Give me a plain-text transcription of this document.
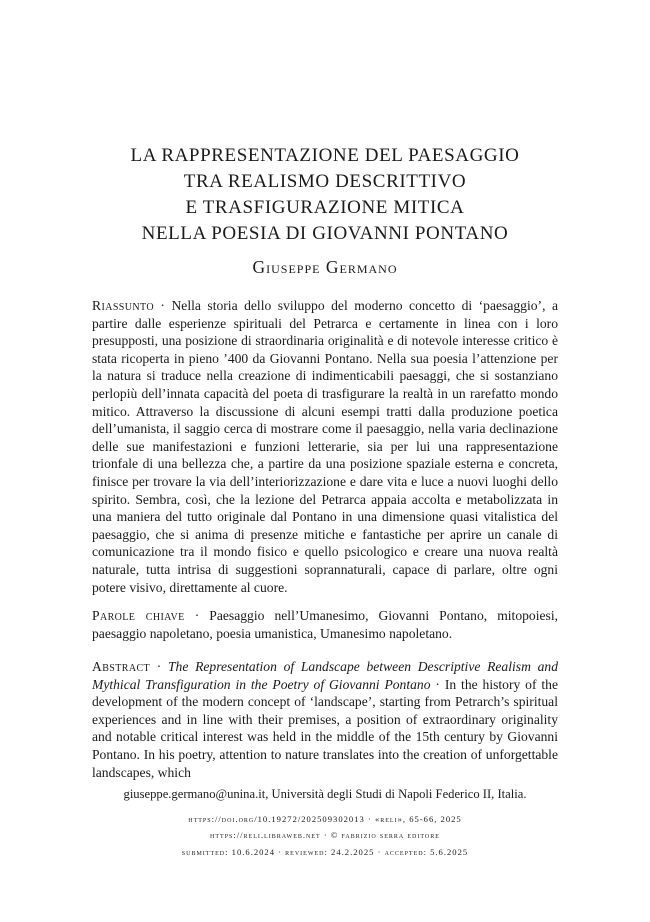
LA RAPPRESENTAZIONE DEL PAESAGGIO
TRA REALISMO DESCRITTIVO
E TRASFIGURAZIONE MITICA
NELLA POESIA DI GIOVANNI PONTANO
Giuseppe Germano

Riassunto · Nella storia dello sviluppo del moderno concetto di ‘paesaggio’, a partire dalle esperienze spirituali del Petrarca e certamente in linea con i loro presupposti, una posizione di straordinaria originalità e di notevole interesse critico è stata ricoperta in pieno ’400 da Giovanni Pontano. Nella sua poesia l’attenzione per la natura si traduce nella creazione di indimenticabili paesaggi, che si sostanziano perlopiù dell’innata capacità del poeta di trasfigurare la realtà in un rarefatto mondo mitico. Attraverso la discussione di alcuni esempi tratti dalla produzione poetica dell’umanista, il saggio cerca di mostrare come il paesaggio, nella varia declinazione delle sue manifestazioni e funzioni letterarie, sia per lui una rappresentazione trionfale di una bellezza che, a partire da una posizione spaziale esterna e concreta, finisce per trovare la via dell’interiorizzazione e dare vita e luce a nuovi luoghi dello spirito. Sembra, così, che la lezione del Petrarca appaia accolta e metabolizzata in una maniera del tutto originale dal Pontano in una dimensione quasi vitalistica del paesaggio, che si anima di presenze mitiche e fantastiche per aprire un canale di comunicazione tra il mondo fisico e quello psicologico e creare una nuova realtà naturale, tutta intrisa di suggestioni soprannaturali, capace di parlare, oltre ogni potere visivo, direttamente al cuore.

Parole chiave · Paesaggio nell’Umanesimo, Giovanni Pontano, mitopoiesi, paesaggio napoletano, poesia umanistica, Umanesimo napoletano.

Abstract · The Representation of Landscape between Descriptive Realism and Mythical Transfiguration in the Poetry of Giovanni Pontano · In the history of the development of the modern concept of ‘landscape’, starting from Petrarch’s spiritual experiences and in line with their premises, a position of extraordinary originality and notable critical interest was held in the middle of the 15th century by Giovanni Pontano. In his poetry, attention to nature translates into the creation of unforgettable landscapes, which

giuseppe.germano@unina.it, Università degli Studi di Napoli Federico II, Italia.
https://doi.org/10.19272/202509302013 · «reli», 65-66, 2025
https://reli.libraweb.net · © fabrizio serra editore
submitted: 10.6.2024 · reviewed: 24.2.2025 · accepted: 5.6.2025
